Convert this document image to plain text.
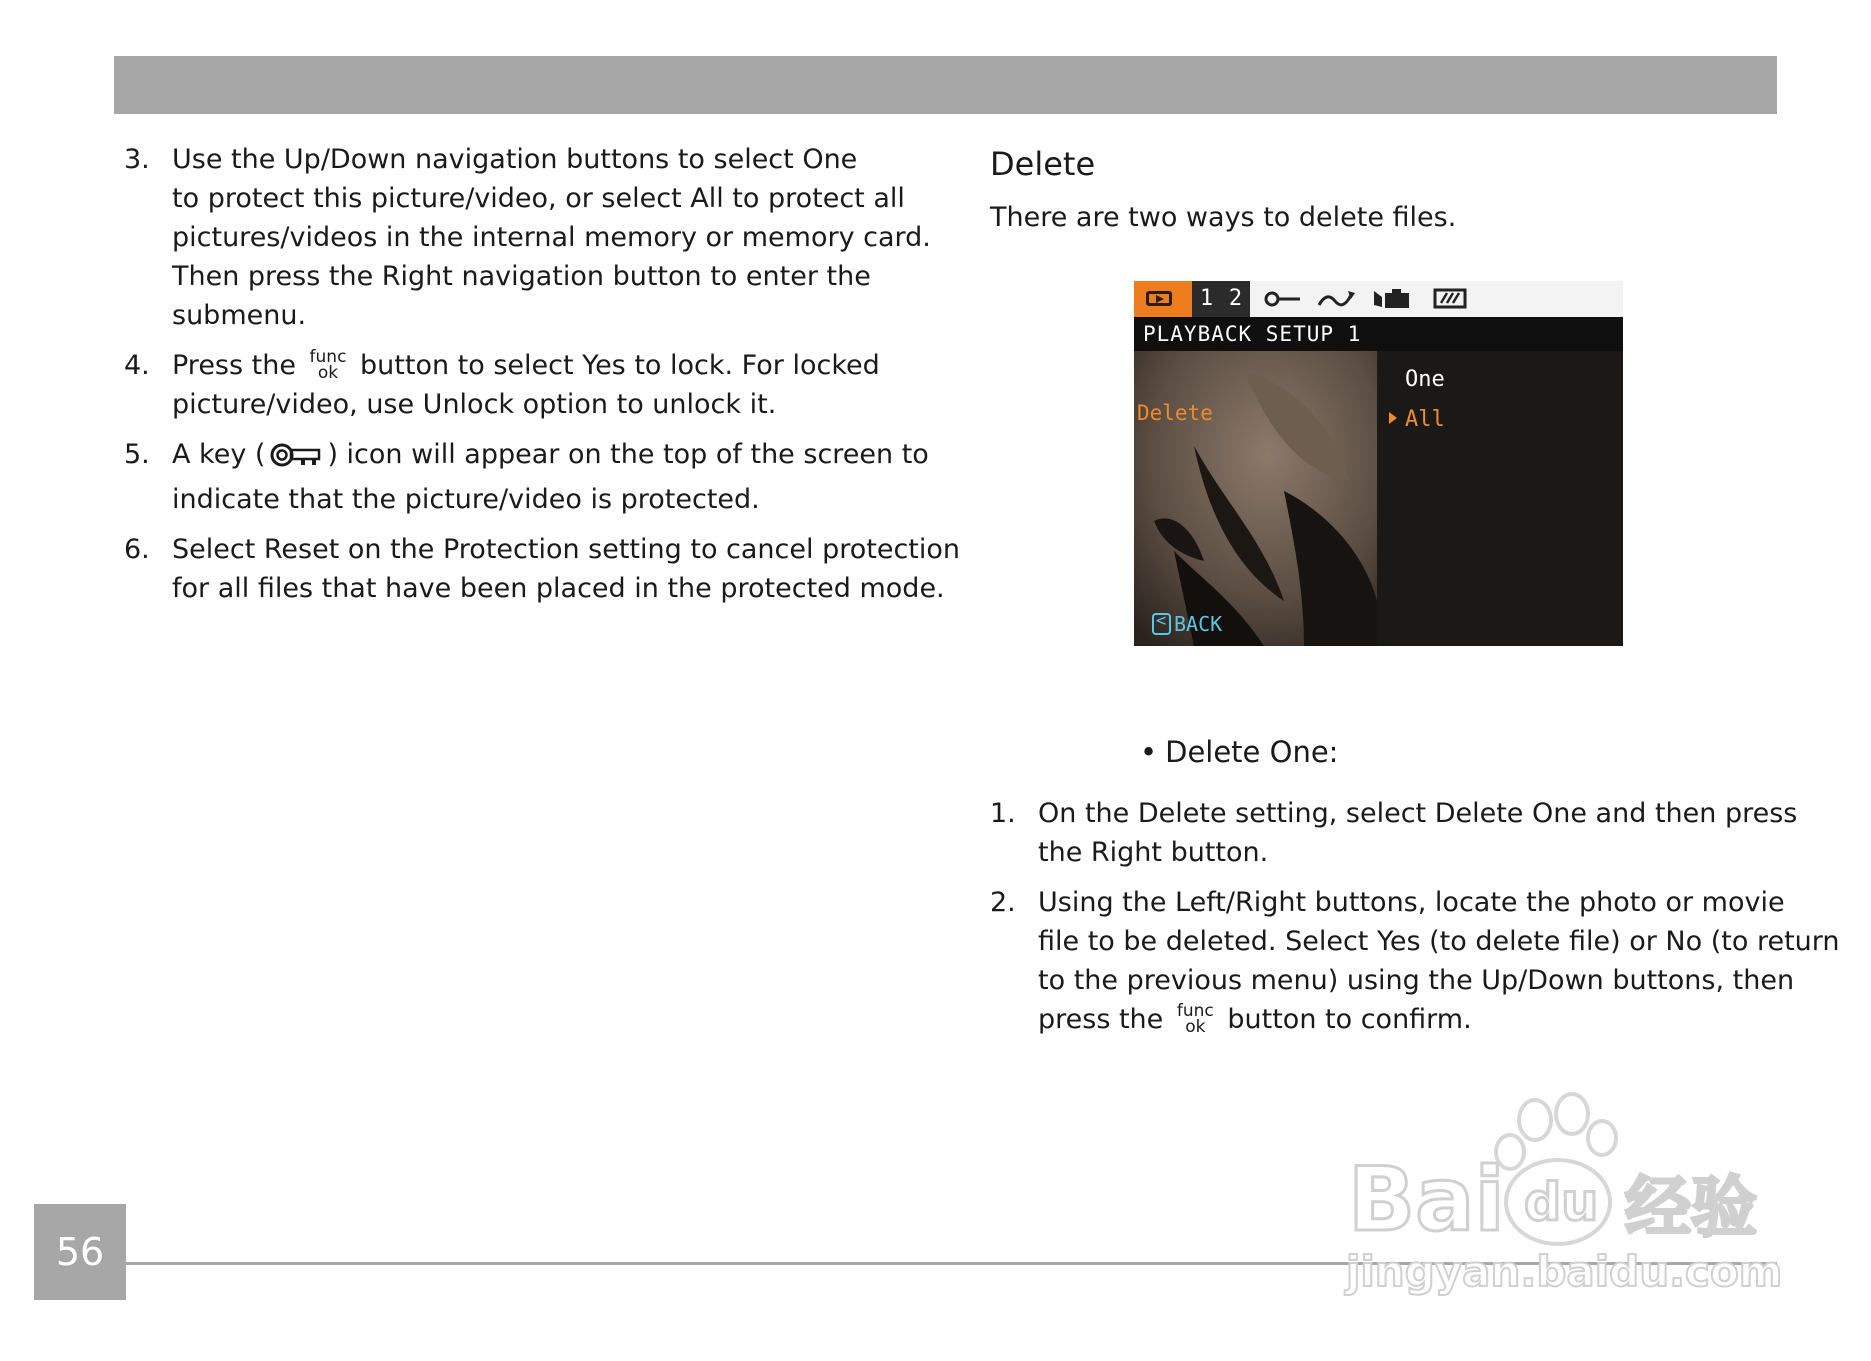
3. Use the Up/Down navigation buttons to select One
to protect this picture/video, or select All to protect all
pictures/videos in the internal memory or memory card.
Then press the Right navigation button to enter the
submenu.
4. Press the func
ok button to select Yes to lock. For locked
picture/video, use Unlock option to unlock it.
5. A key ( ) icon will appear on the top of the screen to
indicate that the picture/video is protected.
6. Select Reset on the Protection setting to cancel protection
for all files that have been placed in the protected mode.
Delete
There are two ways to delete files.
1 2
PLAYBACK SETUP 1
Delete
One
All
<
BACK
• Delete One:
1. On the Delete setting, select Delete One and then press
the Right button.
2. Using the Left/Right buttons, locate the photo or movie
file to be deleted. Select Yes (to delete file) or No (to return
to the previous menu) using the Up/Down buttons, then
press the func
ok button to confirm.
56
Bai du 经验
jingyan.baidu.com
